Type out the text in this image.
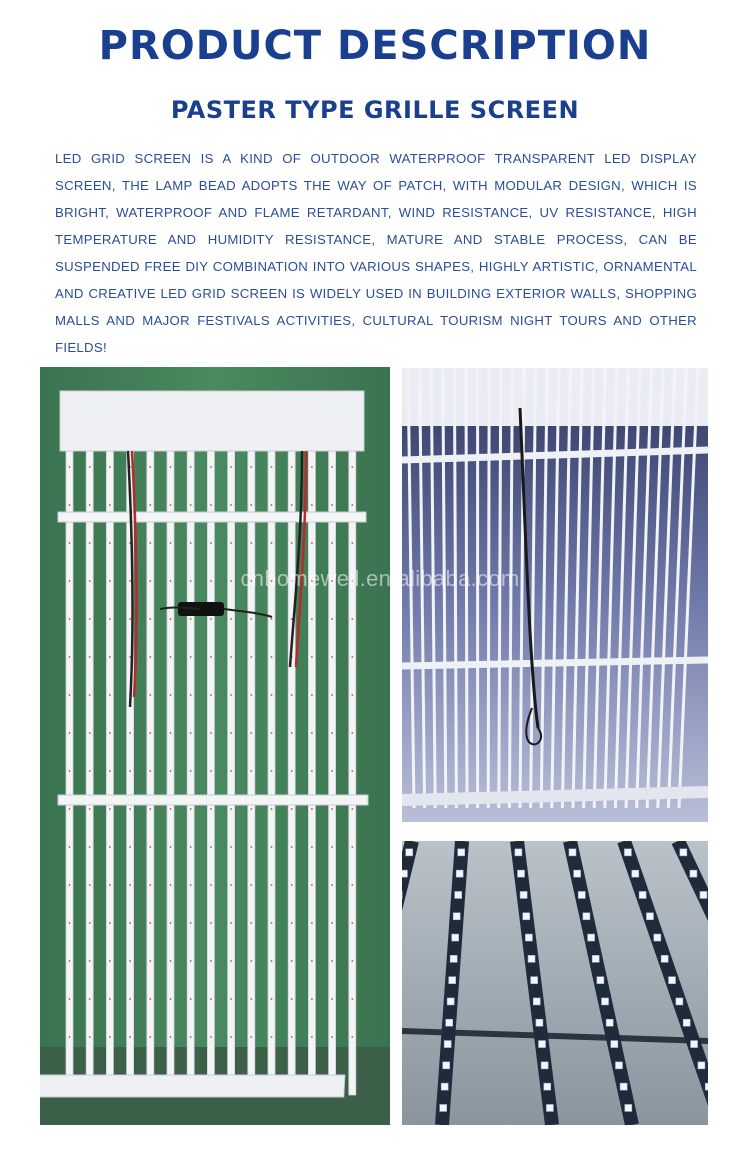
PRODUCT DESCRIPTION
PASTER TYPE GRILLE SCREEN
LED GRID SCREEN IS A KIND OF OUTDOOR WATERPROOF TRANSPARENT LED DISPLAY SCREEN, THE LAMP BEAD ADOPTS THE WAY OF PATCH, WITH MODULAR DESIGN, WHICH IS BRIGHT, WATERPROOF AND FLAME RETARDANT, WIND RESISTANCE, UV RESISTANCE, HIGH TEMPERATURE AND HUMIDITY RESISTANCE, MATURE AND STABLE PROCESS, CAN BE SUSPENDED FREE DIY COMBINATION INTO VARIOUS SHAPES, HIGHLY ARTISTIC, ORNAMENTAL AND CREATIVE LED GRID SCREEN IS WIDELY USED IN BUILDING EXTERIOR WALLS, SHOPPING MALLS AND MAJOR FESTIVALS ACTIVITIES, CULTURAL TOURISM NIGHT TOURS AND OTHER FIELDS!
cnhomewell.en.alibaba.com
